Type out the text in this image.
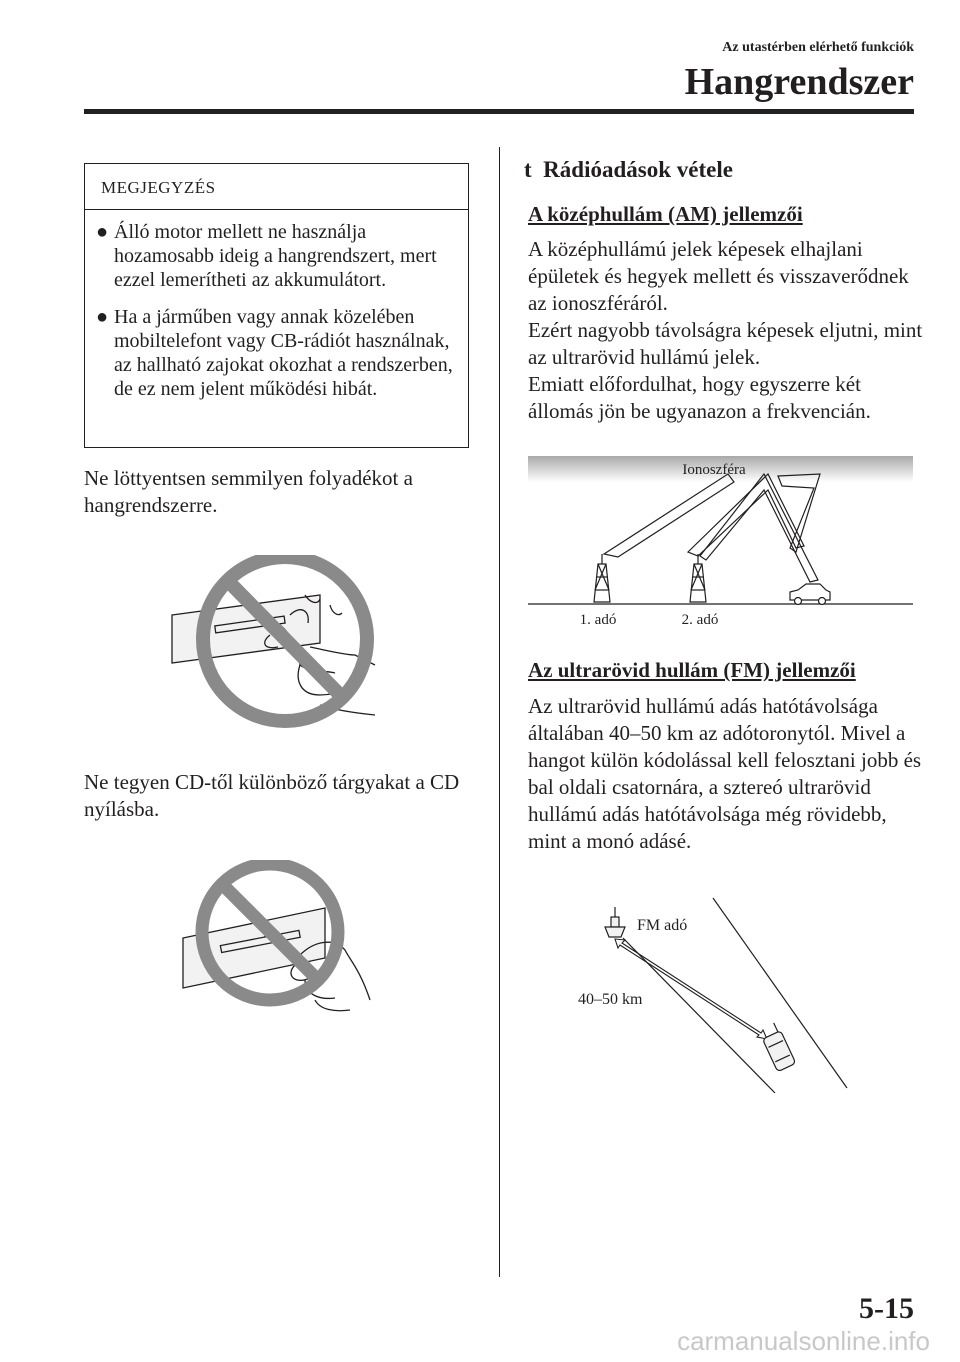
Az utastérben elérhető funkciók
Hangrendszer
MEGJEGYZÉS
● Álló motor mellett ne használja hozamosabb ideig a hangrendszert, mert ezzel lemerítheti az akkumulátort.
● Ha a járműben vagy annak közelében mobiltelefont vagy CB-rádiót használnak, az hallható zajokat okozhat a rendszerben, de ez nem jelent működési hibát.
Ne löttyentsen semmilyen folyadékot a hangrendszerre.
Ne tegyen CD-től különböző tárgyakat a CD nyílásba.
t Rádióadások vétele
A középhullám (AM) jellemzői
A középhullámú jelek képesek elhajlani épületek és hegyek mellett és visszaverődnek az ionoszféráról.
Ezért nagyobb távolságra képesek eljutni, mint az ultrarövid hullámú jelek.
Emiatt előfordulhat, hogy egyszerre két állomás jön be ugyanazon a frekvencián.
Ionoszféra
1. adó	2. adó
Az ultrarövid hullám (FM) jellemzői
Az ultrarövid hullámú adás hatótávolsága általában 40–50 km az adótoronytól. Mivel a hangot külön kódolással kell felosztani jobb és bal oldali csatornára, a sztereó ultrarövid hullámú adás hatótávolsága még rövidebb, mint a monó adásé.
FM adó
40–50 km
5-15
carmanualsonline.info
